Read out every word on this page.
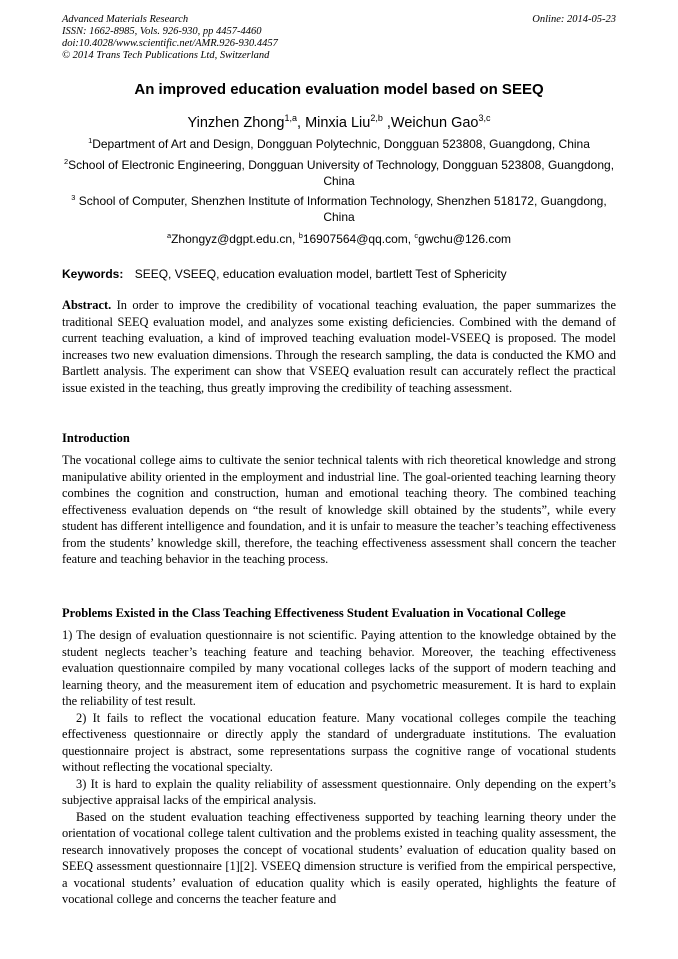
Advanced Materials Research
ISSN: 1662-8985, Vols. 926-930, pp 4457-4460
doi:10.4028/www.scientific.net/AMR.926-930.4457
© 2014 Trans Tech Publications Ltd, Switzerland
Online: 2014-05-23
An improved education evaluation model based on SEEQ
Yinzhen Zhong$^{1,a}$, Minxia Liu$^{2,b}$ ,Weichun Gao$^{3,c}$
$^1$Department of Art and Design, Dongguan Polytechnic, Dongguan 523808, Guangdong, China
$^2$School of Electronic Engineering, Dongguan University of Technology, Dongguan 523808, Guangdong, China
$^3$ School of Computer, Shenzhen Institute of Information Technology, Shenzhen 518172, Guangdong, China
$^a$Zhongyz@dgpt.edu.cn, $^b$16907564@qq.com, $^c$gwchu@126.com
Keywords: SEEQ, VSEEQ, education evaluation model, bartlett Test of Sphericity
Abstract. In order to improve the credibility of vocational teaching evaluation, the paper summarizes the traditional SEEQ evaluation model, and analyzes some existing deficiencies. Combined with the demand of current teaching evaluation, a kind of improved teaching evaluation model-VSEEQ is proposed. The model increases two new evaluation dimensions. Through the research sampling, the data is conducted the KMO and Bartlett analysis. The experiment can show that VSEEQ evaluation result can accurately reflect the practical issue existed in the teaching, thus greatly improving the credibility of teaching assessment.
Introduction
The vocational college aims to cultivate the senior technical talents with rich theoretical knowledge and strong manipulative ability oriented in the employment and industrial line. The goal-oriented teaching learning theory combines the cognition and construction, human and emotional teaching theory. The combined teaching effectiveness evaluation depends on “the result of knowledge skill obtained by the students”, while every student has different intelligence and foundation, and it is unfair to measure the teacher’s teaching effectiveness from the students’ knowledge skill, therefore, the teaching effectiveness assessment shall concern the teacher feature and teaching behavior in the teaching process.
Problems Existed in the Class Teaching Effectiveness Student Evaluation in Vocational College

1) The design of evaluation questionnaire is not scientific. Paying attention to the knowledge obtained by the student neglects teacher’s teaching feature and teaching behavior. Moreover, the teaching effectiveness evaluation questionnaire compiled by many vocational colleges lacks of the support of modern teaching and learning theory, and the measurement item of education and psychometric measurement. It is hard to explain the reliability of test result.

2) It fails to reflect the vocational education feature. Many vocational colleges compile the teaching effectiveness questionnaire or directly apply the standard of undergraduate institutions. The evaluation questionnaire project is abstract, some representations surpass the cognitive range of vocational students without reflecting the vocational specialty.

3) It is hard to explain the quality reliability of assessment questionnaire. Only depending on the expert’s subjective appraisal lacks of the empirical analysis.

Based on the student evaluation teaching effectiveness supported by teaching learning theory under the orientation of vocational college talent cultivation and the problems existed in teaching quality assessment, the research innovatively proposes the concept of vocational students’ evaluation of education quality based on SEEQ assessment questionnaire [1][2]. VSEEQ dimension structure is verified from the empirical perspective, a vocational students’ evaluation of education quality which is easily operated, highlights the feature of vocational college and concerns the teacher feature and
